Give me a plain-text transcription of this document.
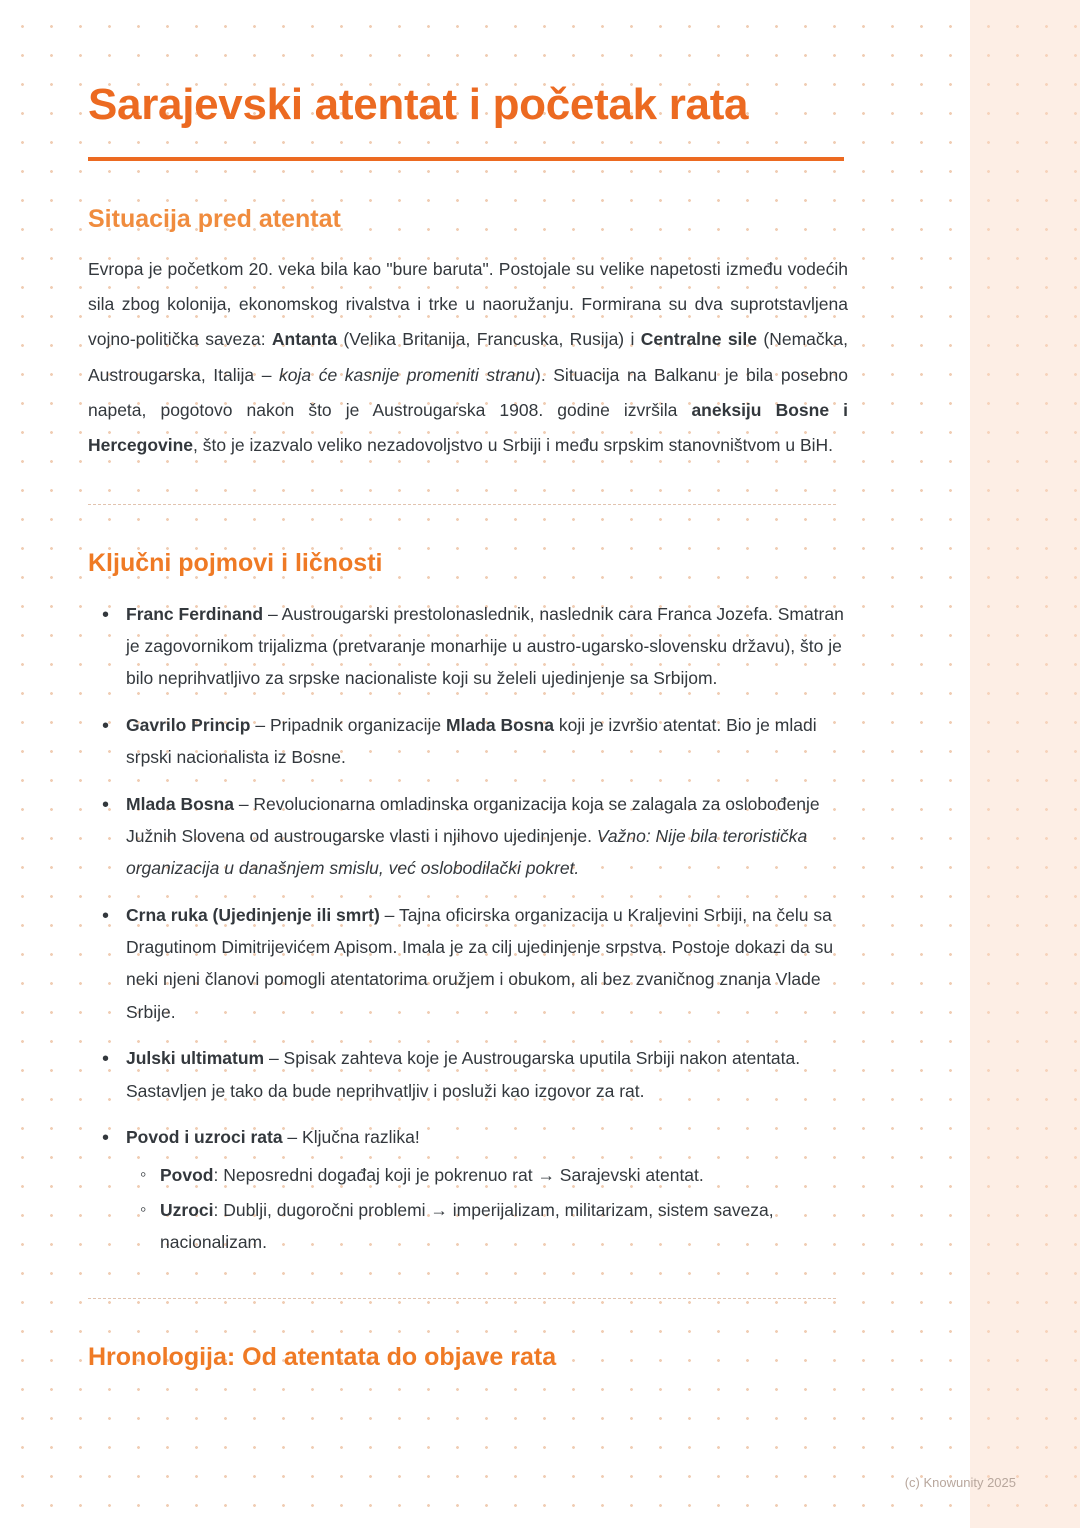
Sarajevski atentat i početak rata
Situacija pred atentat

Evropa je početkom 20. veka bila kao "bure baruta". Postojale su velike napetosti između vodećih sila zbog kolonija, ekonomskog rivalstva i trke u naoružanju. Formirana su dva suprotstavljena vojno-politička saveza: Antanta (Velika Britanija, Francuska, Rusija) i Centralne sile (Nemačka, Austrougarska, Italija – koja će kasnije promeniti stranu). Situacija na Balkanu je bila posebno napeta, pogotovo nakon što je Austrougarska 1908. godine izvršila aneksiju Bosne i Hercegovine, što je izazvalo veliko nezadovoljstvo u Srbiji i među srpskim stanovništvom u BiH.

Ključni pojmovi i ličnosti
• Franc Ferdinand – Austrougarski prestolonaslednik, naslednik cara Franca Jozefa. Smatran je zagovornikom trijalizma (pretvaranje monarhije u austro-ugarsko-slovensku državu), što je bilo neprihvatljivo za srpske nacionaliste koji su želeli ujedinjenje sa Srbijom.
• Gavrilo Princip – Pripadnik organizacije Mlada Bosna koji je izvršio atentat. Bio je mladi srpski nacionalista iz Bosne.
• Mlada Bosna – Revolucionarna omladinska organizacija koja se zalagala za oslobođenje Južnih Slovena od austrougarske vlasti i njihovo ujedinjenje. Važno: Nije bila teroristička organizacija u današnjem smislu, već oslobodilački pokret.
• Crna ruka (Ujedinjenje ili smrt) – Tajna oficirska organizacija u Kraljevini Srbiji, na čelu sa Dragutinom Dimitrijevićem Apisom. Imala je za cilj ujedinjenje srpstva. Postoje dokazi da su neki njeni članovi pomogli atentatorima oružjem i obukom, ali bez zvaničnog znanja Vlade Srbije.
• Julski ultimatum – Spisak zahteva koje je Austrougarska uputila Srbiji nakon atentata. Sastavljen je tako da bude neprihvatljiv i posluži kao izgovor za rat.
• Povod i uzroci rata – Ključna razlika!
◦ Povod: Neposredni događaj koji je pokrenuo rat → Sarajevski atentat.
◦ Uzroci: Dublji, dugoročni problemi → imperijalizam, militarizam, sistem saveza, nacionalizam.
Hronologija: Od atentata do objave rata
(c) Knowunity 2025
